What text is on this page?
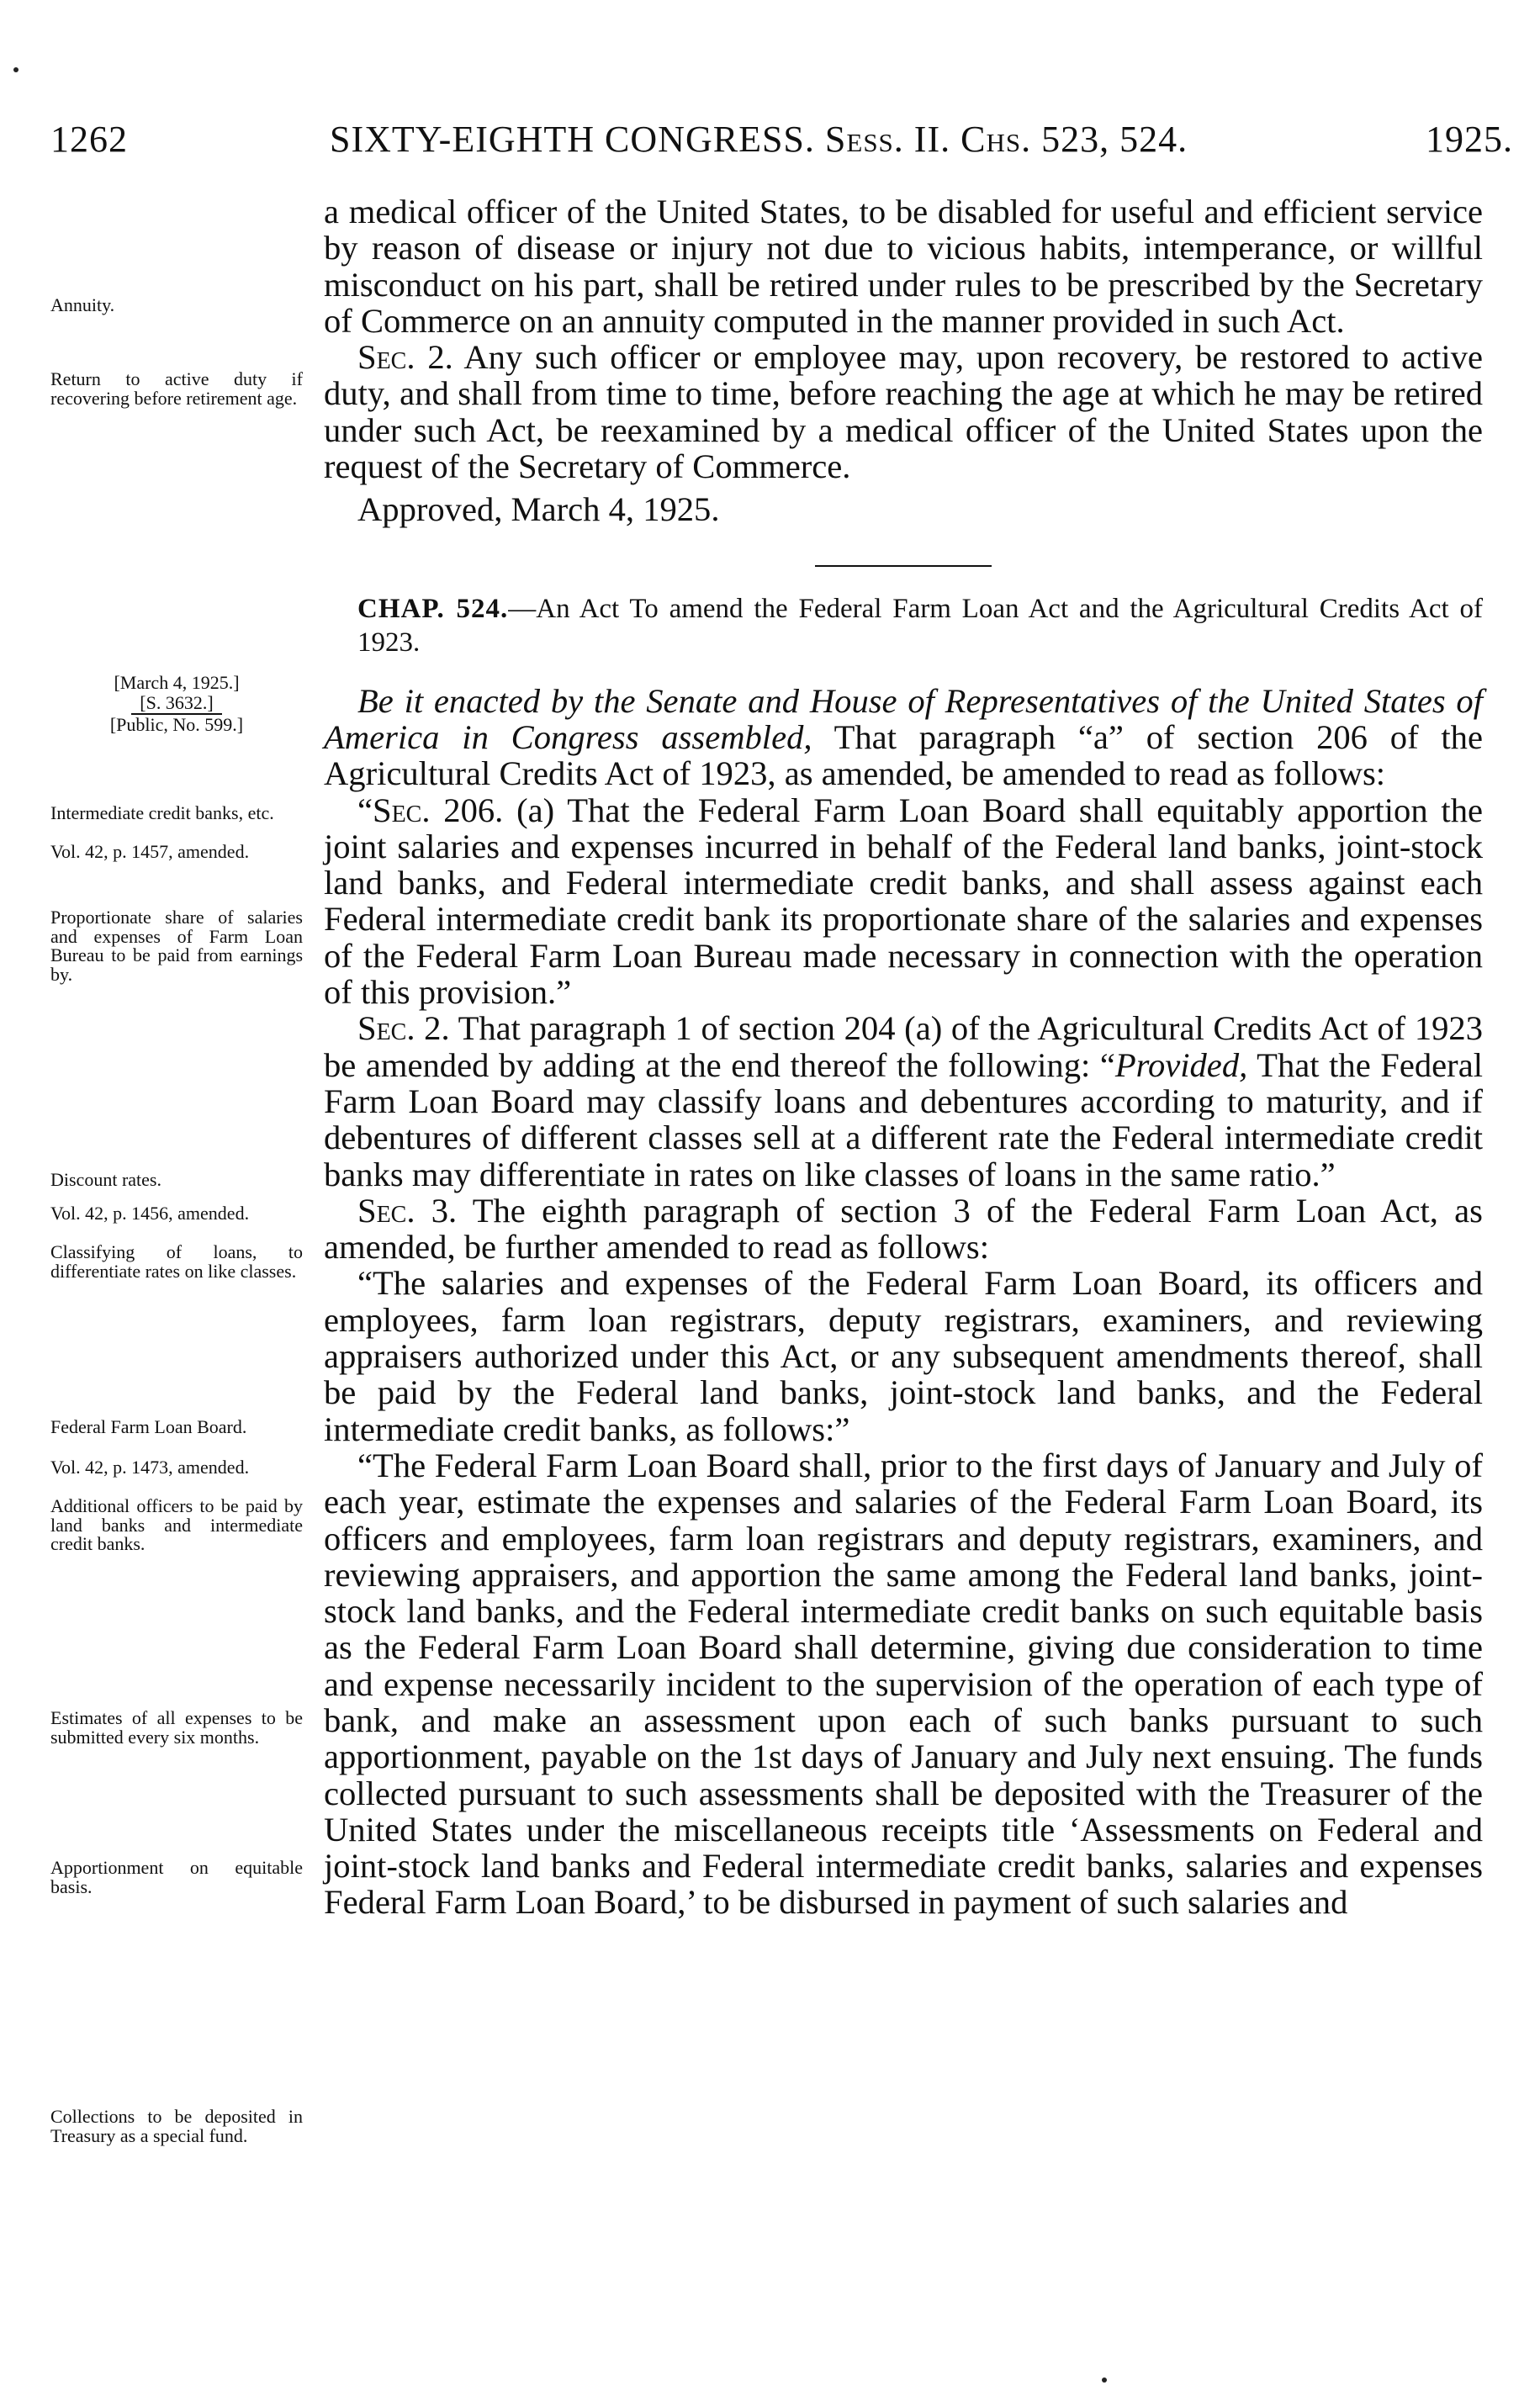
1262	SIXTY-EIGHTH CONGRESS. Sess. II. Chs. 523, 524.	1925.
Annuity.
Return to active duty if recovering before retirement age.
[March 4, 1925.]
[S. 3632.]
[Public, No. 599.]
Intermediate credit banks, etc.
Vol. 42, p. 1457, amended.
Proportionate share of salaries and expenses of Farm Loan Bureau to be paid from earnings by.
Discount rates.
Vol. 42, p. 1456, amended.
Classifying of loans, to differentiate rates on like classes.
Federal Farm Loan Board.
Vol. 42, p. 1473, amended.
Additional officers to be paid by land banks and intermediate credit banks.
Estimates of all expenses to be submitted every six months.
Apportionment on equitable basis.
Collections to be deposited in Treasury as a special fund.

a medical officer of the United States, to be disabled for useful and efficient service by reason of disease or injury not due to vicious habits, intemperance, or willful misconduct on his part, shall be retired under rules to be prescribed by the Secretary of Commerce on an annuity computed in the manner provided in such Act.

Sec. 2. Any such officer or employee may, upon recovery, be restored to active duty, and shall from time to time, before reaching the age at which he may be retired under such Act, be reexamined by a medical officer of the United States upon the request of the Secretary of Commerce.

Approved, March 4, 1925.

CHAP. 524.—An Act To amend the Federal Farm Loan Act and the Agricultural Credits Act of 1923.

Be it enacted by the Senate and House of Representatives of the United States of America in Congress assembled, That paragraph “a” of section 206 of the Agricultural Credits Act of 1923, as amended, be amended to read as follows:

“Sec. 206. (a) That the Federal Farm Loan Board shall equitably apportion the joint salaries and expenses incurred in behalf of the Federal land banks, joint-stock land banks, and Federal intermediate credit banks, and shall assess against each Federal intermediate credit bank its proportionate share of the salaries and expenses of the Federal Farm Loan Bureau made necessary in connection with the operation of this provision.”

Sec. 2. That paragraph 1 of section 204 (a) of the Agricultural Credits Act of 1923 be amended by adding at the end thereof the following: “Provided, That the Federal Farm Loan Board may classify loans and debentures according to maturity, and if debentures of different classes sell at a different rate the Federal intermediate credit banks may differentiate in rates on like classes of loans in the same ratio.”

Sec. 3. The eighth paragraph of section 3 of the Federal Farm Loan Act, as amended, be further amended to read as follows:

“The salaries and expenses of the Federal Farm Loan Board, its officers and employees, farm loan registrars, deputy registrars, examiners, and reviewing appraisers authorized under this Act, or any subsequent amendments thereof, shall be paid by the Federal land banks, joint-stock land banks, and the Federal intermediate credit banks, as follows:”

“The Federal Farm Loan Board shall, prior to the first days of January and July of each year, estimate the expenses and salaries of the Federal Farm Loan Board, its officers and employees, farm loan registrars and deputy registrars, examiners, and reviewing appraisers, and apportion the same among the Federal land banks, joint-stock land banks, and the Federal intermediate credit banks on such equitable basis as the Federal Farm Loan Board shall determine, giving due consideration to time and expense necessarily incident to the supervision of the operation of each type of bank, and make an assessment upon each of such banks pursuant to such apportionment, payable on the 1st days of January and July next ensuing. The funds collected pursuant to such assessments shall be deposited with the Treasurer of the United States under the miscellaneous receipts title ‘Assessments on Federal and joint-stock land banks and Federal intermediate credit banks, salaries and expenses Federal Farm Loan Board,’ to be disbursed in payment of such salaries and
